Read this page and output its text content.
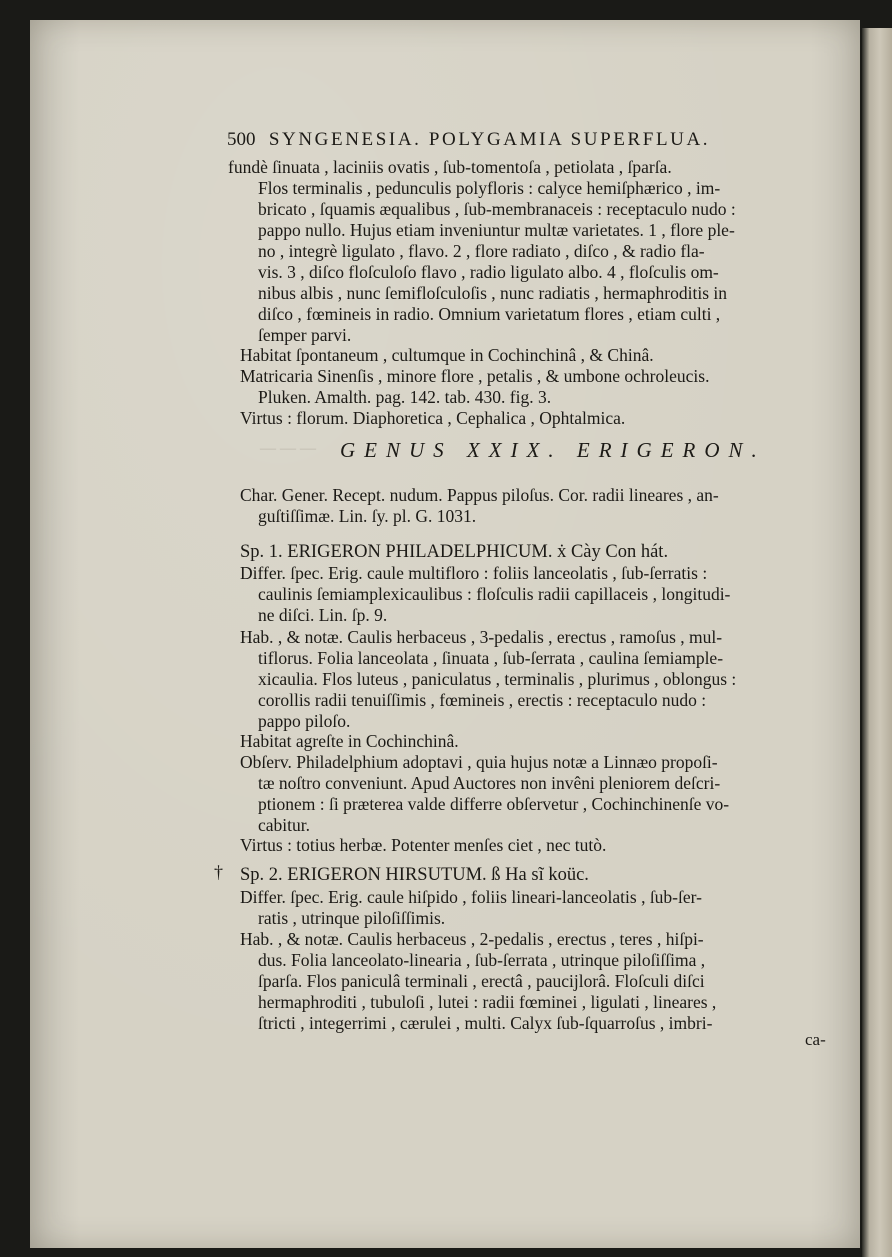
— — —
500 SYNGENESIA. POLYGAMIA SUPERFLUA.
fundè ſinuata , laciniis ovatis , ſub-tomentoſa , petiolata , ſparſa.
Flos terminalis , pedunculis polyfloris : calyce hemiſphærico , im-
bricato , ſquamis æqualibus , ſub-membranaceis : receptaculo nudo :
pappo nullo. Hujus etiam inveniuntur multæ varietates. 1 , flore ple-
no , integrè ligulato , flavo. 2 , flore radiato , diſco , & radio fla-
vis. 3 , diſco floſculoſo flavo , radio ligulato albo. 4 , floſculis om-
nibus albis , nunc ſemifloſculoſis , nunc radiatis , hermaphroditis in
diſco , fœmineis in radio. Omnium varietatum flores , etiam culti ,
ſemper parvi.
Habitat ſpontaneum , cultumque in Cochinchinâ , & Chinâ.
Matricaria Sinenſis , minore flore , petalis , & umbone ochroleucis.
Pluken. Amalth. pag. 142. tab. 430. fig. 3.
Virtus : florum. Diaphoretica , Cephalica , Ophtalmica.
Char. Gener. Recept. nudum. Pappus piloſus. Cor. radii lineares , an-
guſtiſſimæ. Lin. ſy. pl. G. 1031.
Sp. 1. ERIGERON PHILADELPHICUM. ẋ Cày Con hát.
Differ. ſpec. Erig. caule multifloro : foliis lanceolatis , ſub-ſerratis :
caulinis ſemiamplexicaulibus : floſculis radii capillaceis , longitudi-
ne diſci. Lin. ſp. 9.
Hab. , & notæ. Caulis herbaceus , 3-pedalis , erectus , ramoſus , mul-
tiflorus. Folia lanceolata , ſinuata , ſub-ſerrata , caulina ſemiample-
xicaulia. Flos luteus , paniculatus , terminalis , plurimus , oblongus :
corollis radii tenuiſſimis , fœmineis , erectis : receptaculo nudo :
pappo piloſo.
Habitat agreſte in Cochinchinâ.
Obſerv. Philadelphium adoptavi , quia hujus notæ a Linnæo propoſi-
tæ noſtro conveniunt. Apud Auctores non invêni pleniorem deſcri-
ptionem : ſi præterea valde differre obſervetur , Cochinchinenſe vo-
cabitur.
Virtus : totius herbæ. Potenter menſes ciet , nec tutò.
Sp. 2. ERIGERON HIRSUTUM. ß Ha sĩ koüc.
Differ. ſpec. Erig. caule hiſpido , foliis lineari-lanceolatis , ſub-ſer-
ratis , utrinque piloſiſſimis.
Hab. , & notæ. Caulis herbaceus , 2-pedalis , erectus , teres , hiſpi-
dus. Folia lanceolato-linearia , ſub-ſerrata , utrinque piloſiſſima ,
ſparſa. Flos paniculâ terminali , erectâ , paucijlorâ. Floſculi diſci
hermaphroditi , tubuloſi , lutei : radii fœminei , ligulati , lineares ,
ſtricti , integerrimi , cærulei , multi. Calyx ſub-ſquarroſus , imbri-
GENUS XXIX. ERIGERON.
†
ca-
